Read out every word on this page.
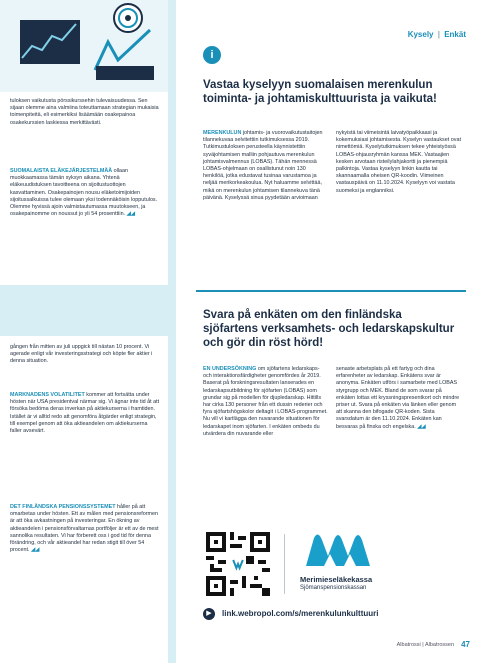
tuloksen vaikutusta pörssikurssehin tulevaisuudessa. Sen sijaan olemme aina valmiina toteuttamaan strategian mukaisia toimenpiteitä, eli esimerkiksi lisäämään osakepainoa osakekurssien laskiessa merkittävästi.
SUOMALAISTA ELÄKEJÄRJESTELMÄÄ ollaan muokkaamassa tämän syksyn aikana. Yhtenä eläkeuudistuksen tavoitteena on sijoitustuottojen kasvattaminen. Osakepainojen nousu eläketoimijoiden sijoitussalkuissa tulee olemaan yksi todennäköisin lopputulos. Olemme hyvissä ajoin valmistautumassa muutokseen, ja osakepainomme on noussut jo yli 54 prosenttiin. ◢◢
gången från mitten av juli uppgick till nästan 10 procent. Vi agerade enligt vår investeringsstrategi och köpte fler aktier i denna situation.
MARKNADENS VOLATILITET kommer att fortsätta under hösten när USA presidentval närmar sig. Vi ägnar inte tid åt att försöka bedöma deras inverkan på aktiekurserna i framtiden. Istället är vi alltid redo att genomföra åtgärder enligt strategin, till exempel genom att öka aktieandelen om aktiekurserna faller avsevärt.
DET FINLÄNDSKA PENSIONSSYSTEMET håller på att omarbetas under hösten. Ett av målen med pensionsreformen är att öka avkastningen på investeringar. En ökning av aktieandelen i pensionsförvaltarnas portföljer är ett av de mest sannolika resultaten. Vi har förberett oss i god tid för denna förändring, och vår aktieandel har redan stigit till över 54 procent. ◢◢
Kysely | Enkät
i
Vastaa kyselyyn suomalaisen merenkulun toiminta- ja johtamiskulttuurista ja vaikuta!
MERENKULUN johtamis- ja vuorovaikutustaitojen tilannekuvaa selvitettiin tutkimuksessa 2019. Tutkimustuloksen perusteella käynnistettiin syväjohtamisen malliin pohjautuva merenkulun johtamisvalmennus (LOBAS). Tähän mennessä LOBAS-ohjelmaan on osallistunut noin 130 henkilöä, jotka edustavat tusinaa varustamoa ja neljää merikorkeakoulua. Nyt haluamme selvittää, mikä on merenkulun johtamisen tilannekuva tänä päivänä. Kyselyssä sinua pyydetään arvioimaan
nykyistä tai viimeisintä laivatyöpaikkaasi ja kokemuksiasi johtamisesta. Kyselyn vastaukset ovat nimettömiä. Kyselytutkimuksen tekee yhteistyössä LOBAS-ohjausryhmän kanssa MEK. Vastaajien kesken arvotaan risteilylahjakortti ja pienempiä palkintoja. Vastaa kyselyyn linkin kautta tai skannaamalla oheisen QR-koodin. Viimeinen vastauspäivä on 11.10.2024. Kyselyyn voi vastata suomeksi ja englanniksi.
Svara på enkäten om den finländska sjöfartens verksamhets- och ledarskapskultur och gör din röst hörd!
EN UNDERSÖKNING om sjöfartens ledarskaps- och interaktionsfärdigheter genomfördes år 2019. Baserat på forskningsresultaten lanserades en ledarskapsutbildning för sjöfarten (LOBAS) som grundar sig på modellen för djupledarskap. Hittills har cirka 130 personer från ett dussin rederier och fyra sjöfartshögskolor deltagit i LOBAS-programmet. Nu vill vi kartlägga den nuvarande situationen för ledarskapet inom sjöfarten. I enkäten ombeds du utvärdera din nuvarande eller
senaste arbetsplats på ett fartyg och dina erfarenheter av ledarskap. Enkätens svar är anonyma. Enkäten utförs i samarbete med LOBAS styrgrupp och MEK. Bland de som svarar på enkäten lottas ett kryssningspresentkort och mindre priser ut. Svara på enkäten via länken eller genom att skanna den bifogade QR-koden. Sista svarsdatum är den 11.10.2024. Enkäten kan besvaras på finska och engelska. ◢◢
Merimieseläkekassa
Sjömanspensionskassan
▶	link.webropol.com/s/merenkulunkulttuuri
Albatrossi | Albatrossen 47
